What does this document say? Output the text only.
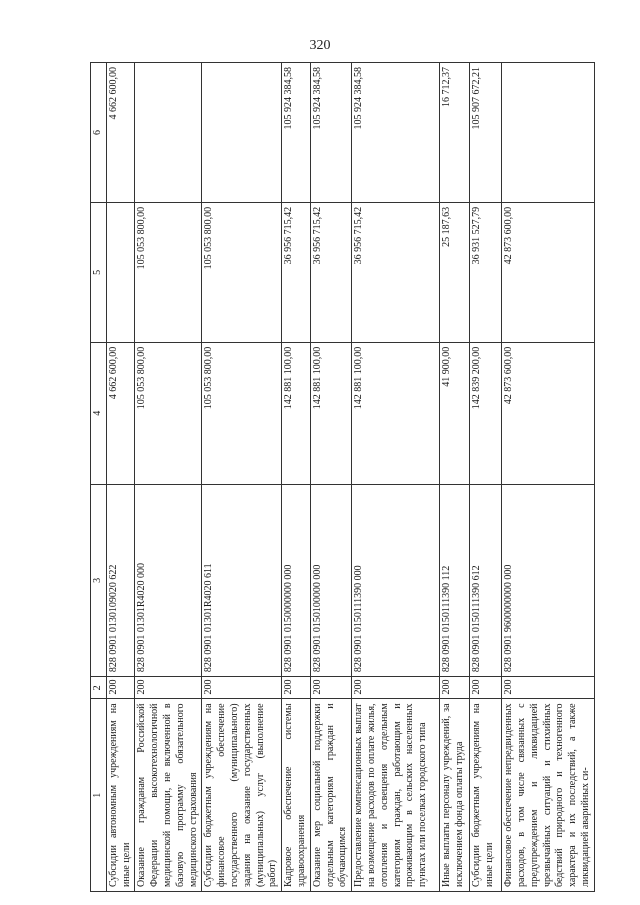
320
1	2	3	4	5	6
Субсидии автономным учреждениям на иные цели	200	828 0901 0130109020 622	4 662 600,00		4 662 600,00
Оказание гражданам Российской Федерации высокотехнологичной медицинской помощи, не включенной в базовую программу обязательного медицинского страхования	200	828 0901 01301R4020 000	105 053 800,00	105 053 800,00	
Субсидии бюджетным учреждениям на финансовое обеспечение государственного (муниципального) задания на оказание государственных (муниципальных) услуг (выполнение работ)	200	828 0901 01301R4020 611	105 053 800,00	105 053 800,00	
Кадровое обеспечение системы здравоохранения	200	828 0901 0150000000 000	142 881 100,00	36 956 715,42	105 924 384,58
Оказание мер социальной поддержки отдельным категориям граждан и обучающимся	200	828 0901 0150100000 000	142 881 100,00	36 956 715,42	105 924 384,58
Предоставление компенсационных выплат на возмещение расходов по оплате жилья, отопления и освещения отдельным категориям граждан, работающим и проживающим в сельских населенных пунктах или поселках городского типа	200	828 0901 0150111390 000	142 881 100,00	36 956 715,42	105 924 384,58
Иные выплаты персоналу учреждений, за исключением фонда оплаты труда	200	828 0901 0150111390 112	41 900,00	25 187,63	16 712,37
Субсидии бюджетным учреждениям на иные цели	200	828 0901 0150111390 612	142 839 200,00	36 931 527,79	105 907 672,21
Финансовое обеспечение непредвиденных расходов, в том числе связанных с предупреждением и ликвидацией чрезвычайных ситуаций и стихийных бедствий природного и техногенного характера и их последствий, а также ликвидацией аварийных си-	200	828 0901 9600000000 000	42 873 600,00	42 873 600,00	
